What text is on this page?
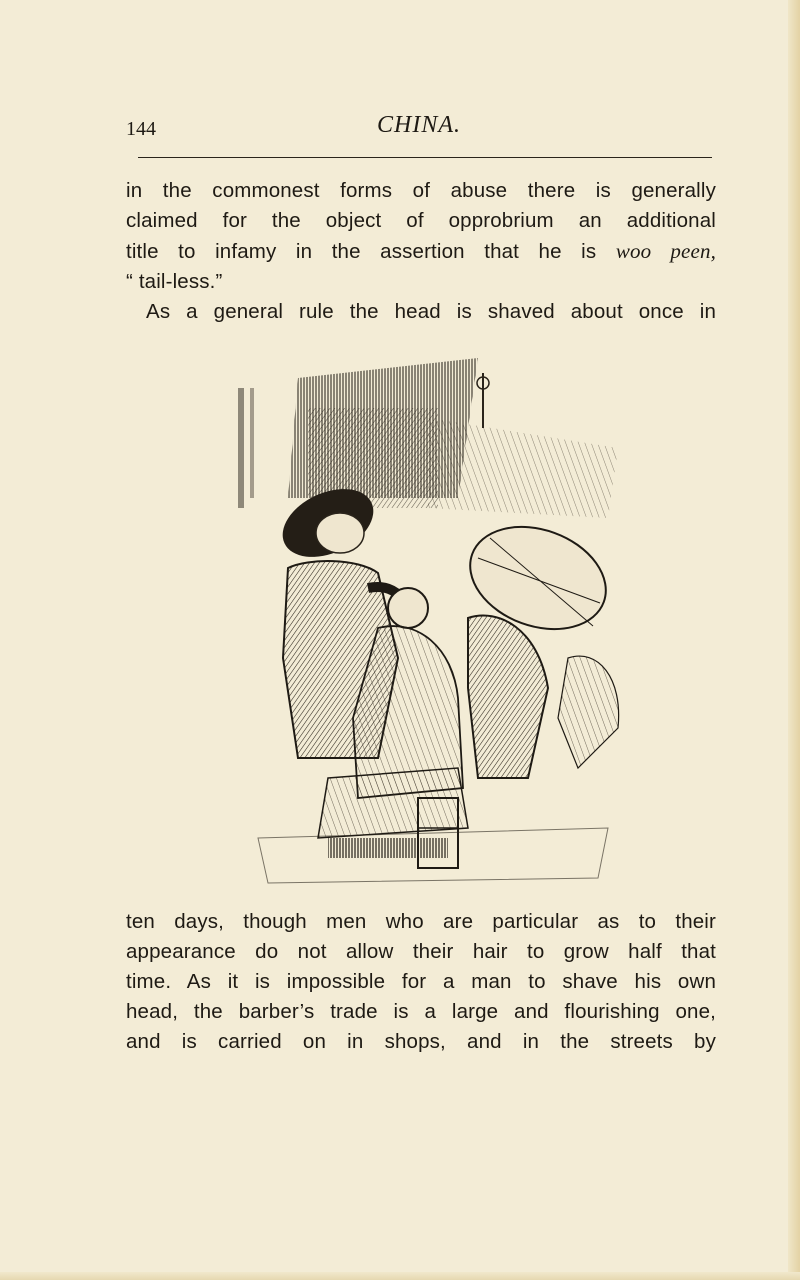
144	CHINA.
in the commonest forms of abuse there is generally
claimed for the object of opprobrium an additional
title to infamy in the assertion that he is woo peen,
“ tail-less.”
As a general rule the head is shaved about once in
ten days, though men who are particular as to their
appearance do not allow their hair to grow half that
time. As it is impossible for a man to shave his own
head, the barber’s trade is a large and flourishing one,
and is carried on in shops, and in the streets by
